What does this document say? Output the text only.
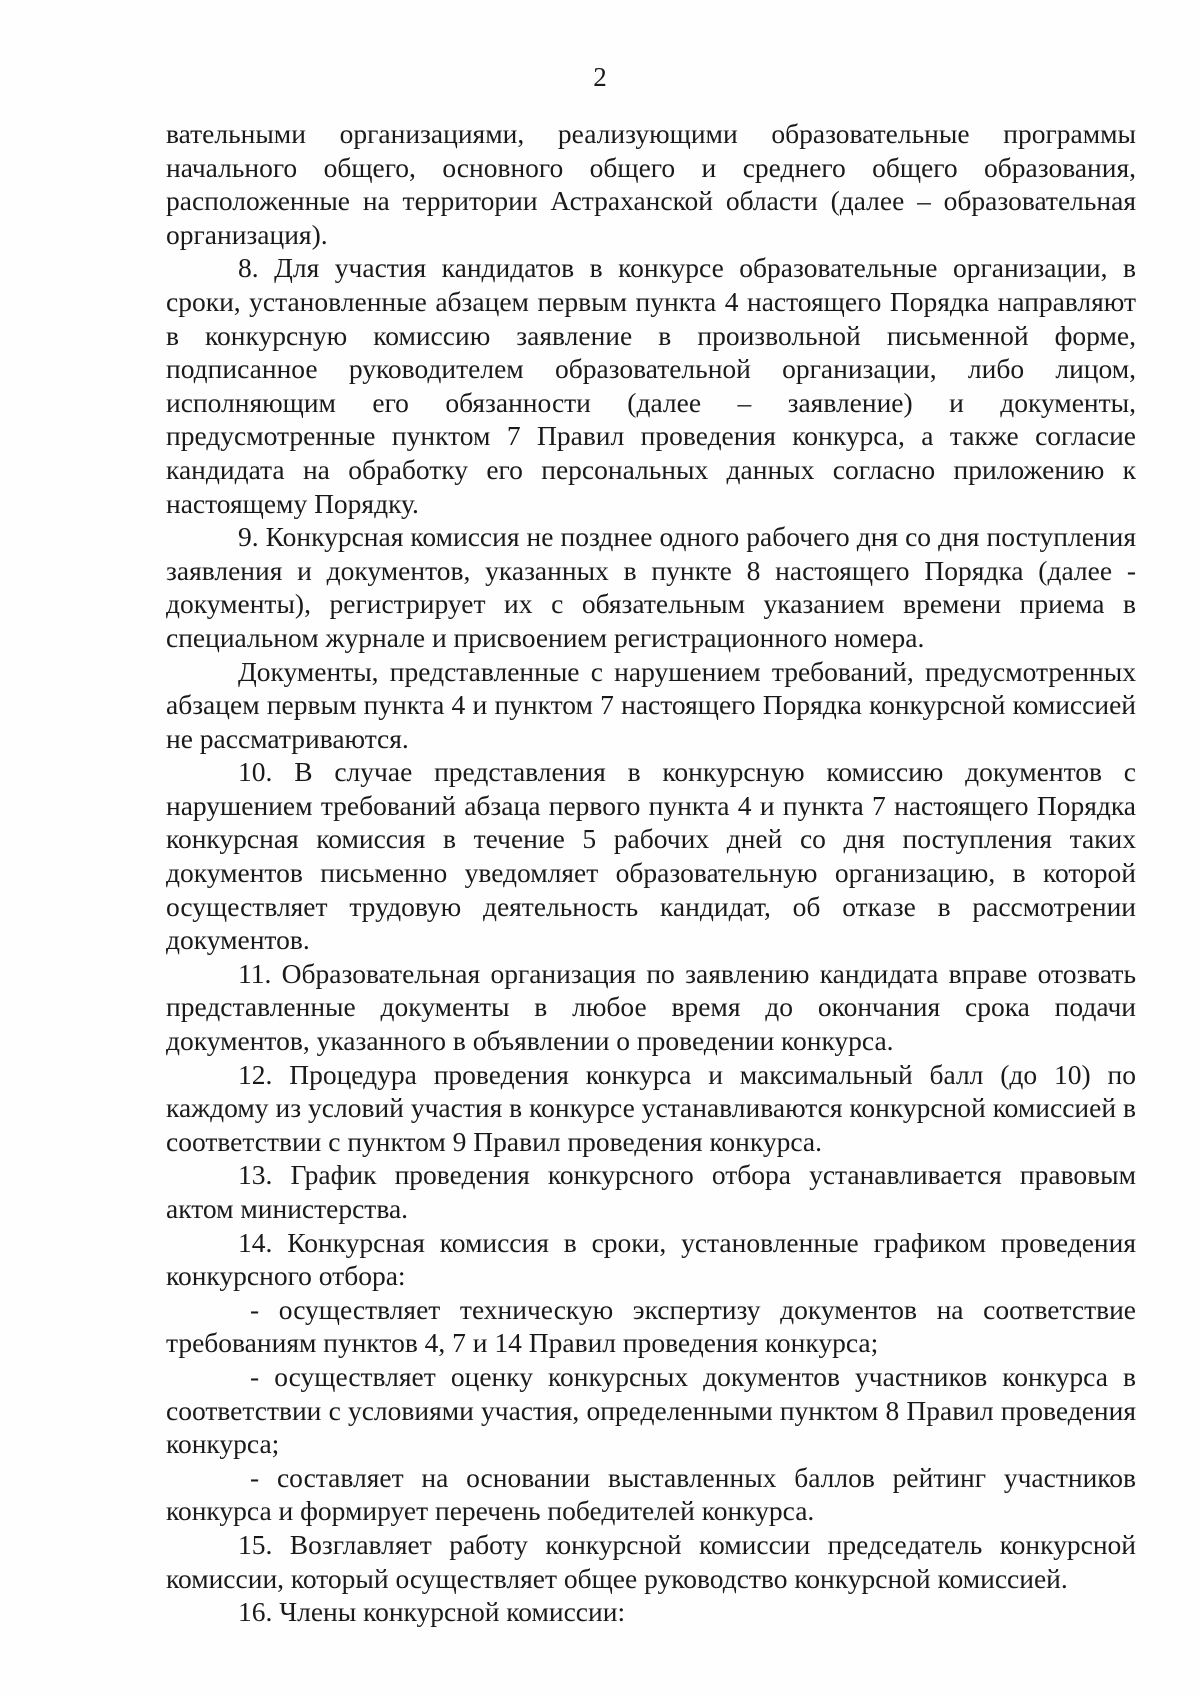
2

вательными организациями, реализующими образовательные программы начального общего, основного общего и среднего общего образования, расположенные на территории Астраханской области (далее – образовательная организация).

8. Для участия кандидатов в конкурсе образовательные организации, в сроки, установленные абзацем первым пункта 4 настоящего Порядка направляют в конкурсную комиссию заявление в произвольной письменной форме, подписанное руководителем образовательной организации, либо лицом, исполняющим его обязанности (далее – заявление) и документы, предусмотренные пунктом 7 Правил проведения конкурса, а также согласие кандидата на обработку его персональных данных согласно приложению к настоящему Порядку.

9. Конкурсная комиссия не позднее одного рабочего дня со дня поступления заявления и документов, указанных в пункте 8 настоящего Порядка (далее - документы), регистрирует их с обязательным указанием времени приема в специальном журнале и присвоением регистрационного номера.

Документы, представленные с нарушением требований, предусмотренных абзацем первым пункта 4 и пунктом 7 настоящего Порядка конкурсной комиссией не рассматриваются.

10. В случае представления в конкурсную комиссию документов с нарушением требований абзаца первого пункта 4 и пункта 7 настоящего Порядка конкурсная комиссия в течение 5 рабочих дней со дня поступления таких документов письменно уведомляет образовательную организацию, в которой осуществляет трудовую деятельность кандидат, об отказе в рассмотрении документов.

11. Образовательная организация по заявлению кандидата вправе отозвать представленные документы в любое время до окончания срока подачи документов, указанного в объявлении о проведении конкурса.

12. Процедура проведения конкурса и максимальный балл (до 10) по каждому из условий участия в конкурсе устанавливаются конкурсной комиссией в соответствии с пунктом 9 Правил проведения конкурса.

13. График проведения конкурсного отбора устанавливается правовым актом министерства.

14. Конкурсная комиссия в сроки, установленные графиком проведения конкурсного отбора:

- осуществляет техническую экспертизу документов на соответствие требованиям пунктов 4, 7 и 14 Правил проведения конкурса;

- осуществляет оценку конкурсных документов участников конкурса в соответствии с условиями участия, определенными пунктом 8 Правил проведения конкурса;

- составляет на основании выставленных баллов рейтинг участников конкурса и формирует перечень победителей конкурса.

15. Возглавляет работу конкурсной комиссии председатель конкурсной комиссии, который осуществляет общее руководство конкурсной комиссией.

16. Члены конкурсной комиссии:
